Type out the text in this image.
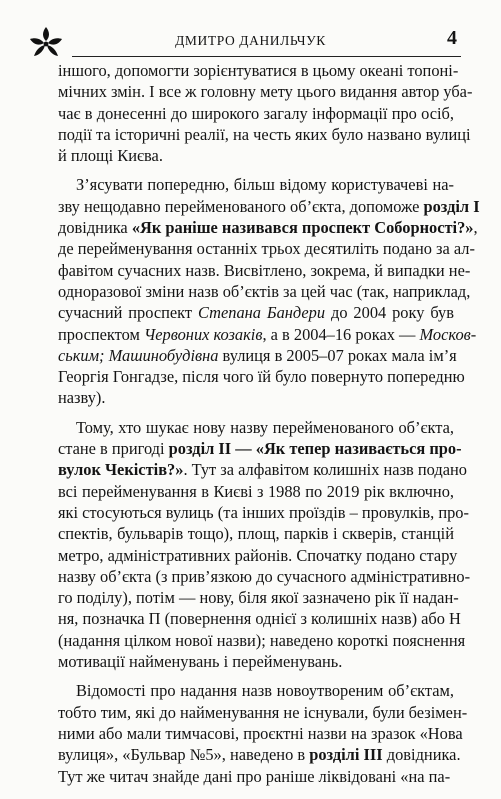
ДМИТРО ДАНИЛЬЧУК	4
іншого, допомогти зорієнтуватися в цьому океані топоні-
мічних змін. І все ж головну мету цього видання автор уба-
чає в донесенні до широкого загалу інформації про осіб,
події та історичні реалії, на честь яких було названо вулиці
й площі Києва.
З’ясувати попередню, більш відому користувачеві на-
зву нещодавно перейменованого об’єкта, допоможе розділ І
довідника «Як раніше називався проспект Соборності?»,
де перейменування останніх трьох десятиліть подано за ал-
фавітом сучасних назв. Висвітлено, зокрема, й випадки не-
одноразової зміни назв об’єктів за цей час (так, наприклад,
сучасний проспект Степана Бандери до 2004 року був
проспектом Червоних козаків, а в 2004–16 роках — Москов-
ським; Машинобудівна вулиця в 2005–07 роках мала ім’я
Георгія Гонгадзе, після чого їй було повернуто попередню
назву).
Тому, хто шукає нову назву перейменованого об’єкта,
стане в пригоді розділ ІІ — «Як тепер називається про-
вулок Чекістів?». Тут за алфавітом колишніх назв подано
всі перейменування в Києві з 1988 по 2019 рік включно,
які стосуються вулиць (та інших проїздів – провулків, про-
спектів, бульварів тощо), площ, парків і скверів, станцій
метро, адміністративних районів. Спочатку подано стару
назву об’єкта (з прив’язкою до сучасного адміністративно-
го поділу), потім — нову, біля якої зазначено рік її надан-
ня, позначка П (повернення однієї з колишніх назв) або Н
(надання цілком нової назви); наведено короткі пояснення
мотивації найменувань і перейменувань.
Відомості про надання назв новоутвореним об’єктам,
тобто тим, які до найменування не існували, були безімен-
ними або мали тимчасові, проєктні назви на зразок «Нова
вулиця», «Бульвар №5», наведено в розділі ІІІ довідника.
Тут же читач знайде дані про раніше ліквідовані «на па-
